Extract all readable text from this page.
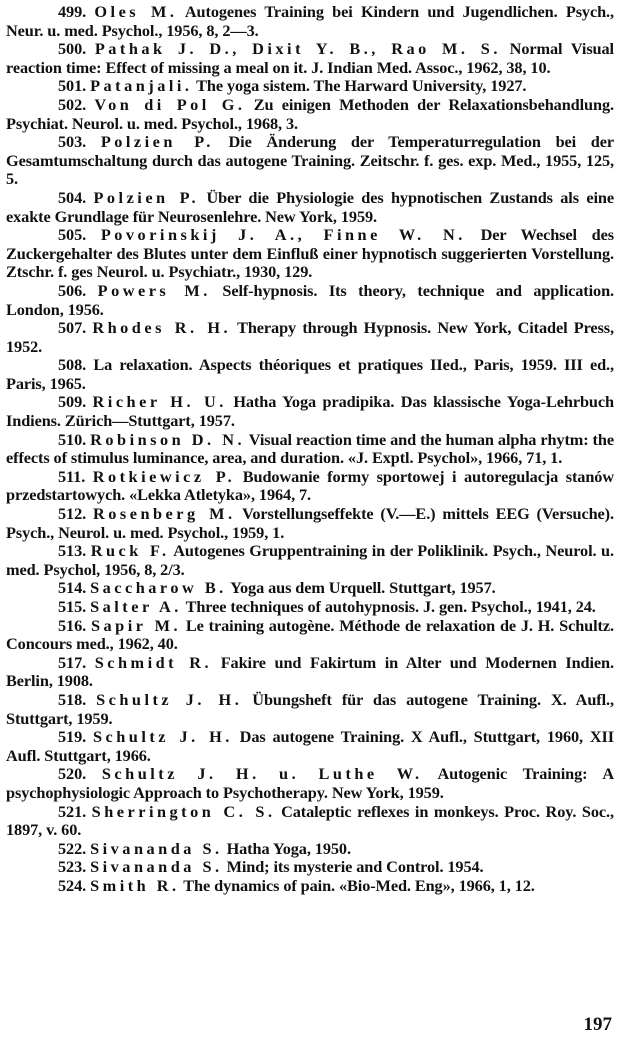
499. Oles M. Autogenes Training bei Kindern und Jugendlichen. Psych., Neur. u. med. Psychol., 1956, 8, 2—3.

500. Pathak J. D., Dixit Y. B., Rao M. S. Normal Visual reaction time: Effect of missing a meal on it. J. Indian Med. Assoc., 1962, 38, 10.

501. Patanjali. The yoga sistem. The Harward University, 1927.

502. Von di Pol G. Zu einigen Methoden der Relaxationsbehandlung. Psychiat. Neurol. u. med. Psychol., 1968, 3.

503. Polzien P. Die Änderung der Temperaturregulation bei der Gesamtumschaltung durch das autogene Training. Zeitschr. f. ges. exp. Med., 1955, 125, 5.

504. Polzien P. Über die Physiologie des hypnotischen Zustands als eine exakte Grundlage für Neurosenlehre. New York, 1959.

505. Povorinskij J. A., Finne W. N. Der Wechsel des Zuckergehalter des Blutes unter dem Einfluß einer hypnotisch suggerierten Vorstellung. Ztschr. f. ges Neurol. u. Psychiatr., 1930, 129.

506. Powers M. Self-hypnosis. Its theory, technique and application. London, 1956.

507. Rhodes R. H. Therapy through Hypnosis. New York, Citadel Press, 1952.

508. La relaxation. Aspects théoriques et pratiques IIed., Paris, 1959. III ed., Paris, 1965.

509. Richer H. U. Hatha Yoga pradipika. Das klassische Yoga-Lehrbuch Indiens. Zürich—Stuttgart, 1957.

510. Robinson D. N. Visual reaction time and the human alpha rhytm: the effects of stimulus luminance, area, and duration. «J. Exptl. Psychol», 1966, 71, 1.

511. Rotkiewicz P. Budowanie formy sportowej i autoregulacja stanów przedstartowych. «Lekka Atletyka», 1964, 7.

512. Rosenberg M. Vorstellungseffekte (V.—E.) mittels EEG (Versuche). Psych., Neurol. u. med. Psychol., 1959, 1.

513. Ruck F. Autogenes Gruppentraining in der Poliklinik. Psych., Neurol. u. med. Psychol, 1956, 8, 2/3.

514. Saccharow B. Yoga aus dem Urquell. Stuttgart, 1957.

515. Salter A. Three techniques of autohypnosis. J. gen. Psychol., 1941, 24.

516. Sapir M. Le training autogène. Méthode de relaxation de J. H. Schultz. Concours med., 1962, 40.

517. Schmidt R. Fakire und Fakirtum in Alter und Modernen Indien. Berlin, 1908.

518. Schultz J. H. Übungsheft für das autogene Training. X. Aufl., Stuttgart, 1959.

519. Schultz J. H. Das autogene Training. X Aufl., Stuttgart, 1960, XII Aufl. Stuttgart, 1966.

520. Schultz J. H. u. Luthe W. Autogenic Training: A psychophysiologic Approach to Psychotherapy. New York, 1959.

521. Sherrington C. S. Cataleptic reflexes in monkeys. Proc. Roy. Soc., 1897, v. 60.

522. Sivananda S. Hatha Yoga, 1950.

523. Sivananda S. Mind; its mysterie and Control. 1954.

524. Smith R. The dynamics of pain. «Bio-Med. Eng», 1966, 1, 12.

197
